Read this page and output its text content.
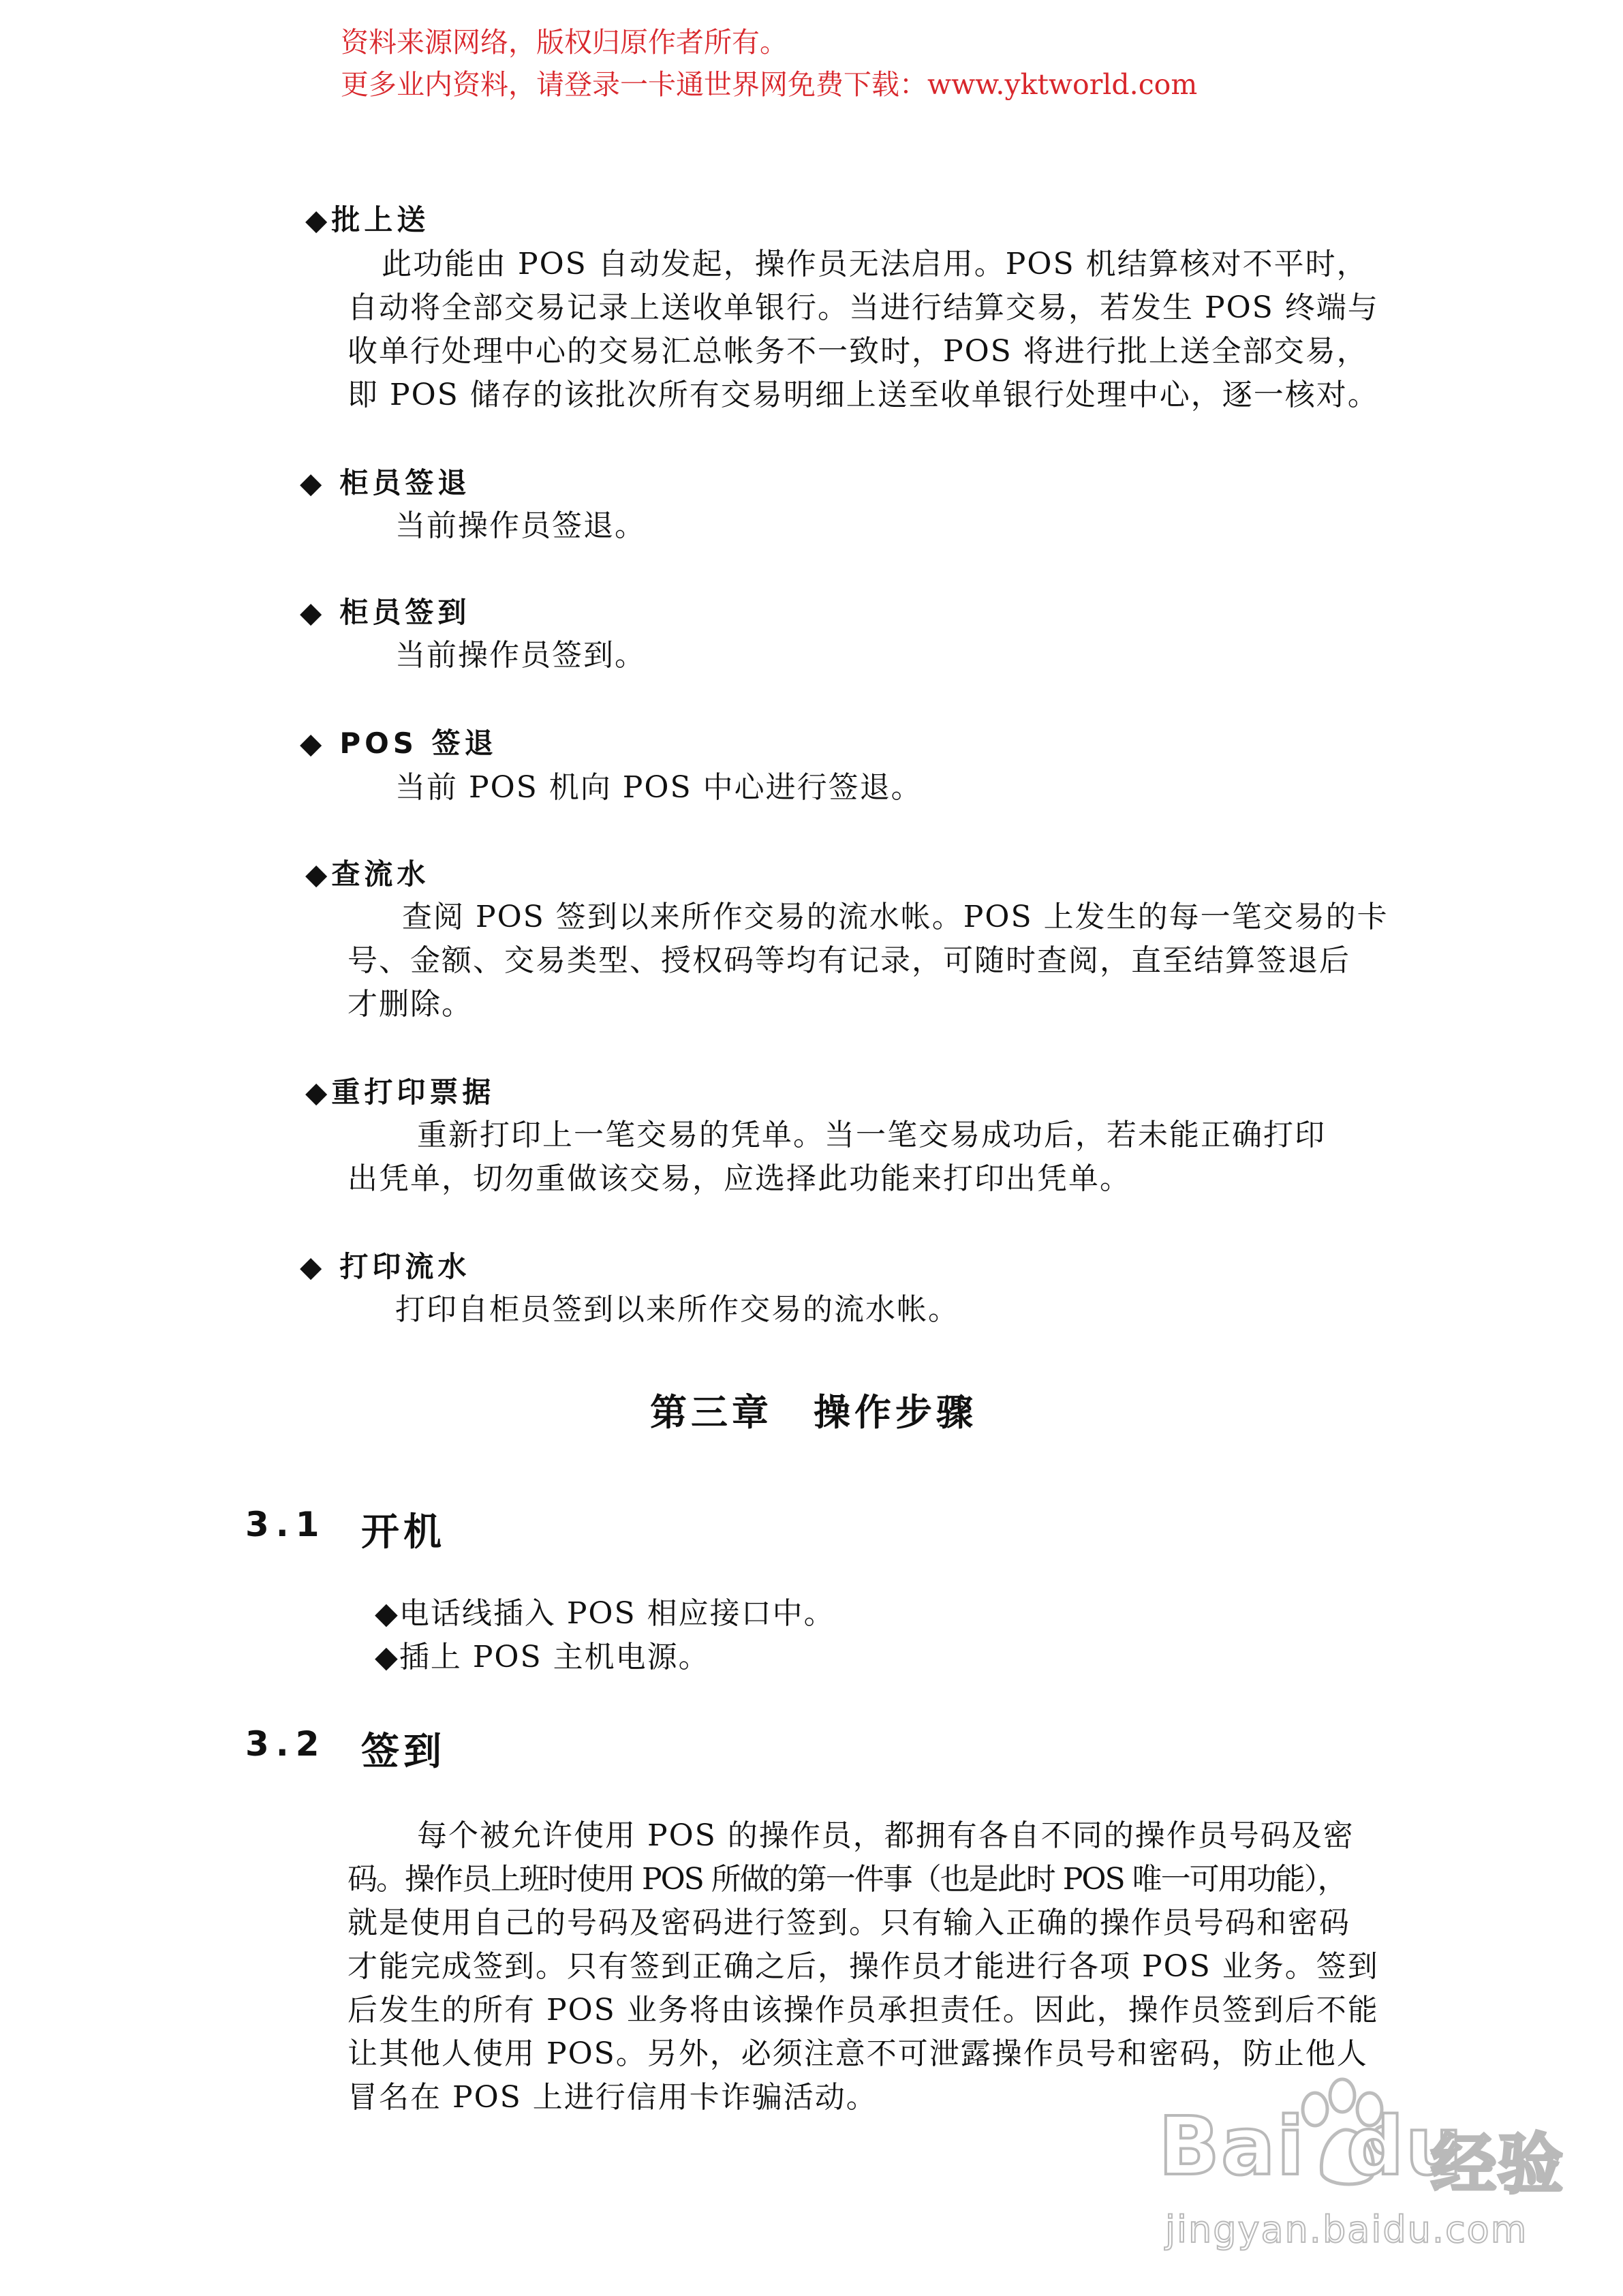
资料来源网络，版权归原作者所有。
更多业内资料，请登录一卡通世界网免费下载：www.yktworld.com
◆批上送
此功能由 POS 自动发起，操作员无法启用。POS 机结算核对不平时，
自动将全部交易记录上送收单银行。当进行结算交易，若发生 POS 终端与
收单行处理中心的交易汇总帐务不一致时，POS 将进行批上送全部交易，
即 POS 储存的该批次所有交易明细上送至收单银行处理中心，逐一核对。
◆ 柜员签退
当前操作员签退。
◆ 柜员签到
当前操作员签到。
◆ POS 签退
当前 POS 机向 POS 中心进行签退。
◆查流水
查阅 POS 签到以来所作交易的流水帐。POS 上发生的每一笔交易的卡
号、金额、交易类型、授权码等均有记录，可随时查阅，直至结算签退后
才删除。
◆重打印票据
重新打印上一笔交易的凭单。当一笔交易成功后，若未能正确打印
出凭单，切勿重做该交易，应选择此功能来打印出凭单。
◆ 打印流水
打印自柜员签到以来所作交易的流水帐。
第三章　操作步骤
3.1 开机
◆电话线插入 POS 相应接口中。
◆插上 POS 主机电源。
3.2 签到
每个被允许使用 POS 的操作员，都拥有各自不同的操作员号码及密
码。操作员上班时使用 POS 所做的第一件事（也是此时 POS 唯一可用功能），
就是使用自己的号码及密码进行签到。只有输入正确的操作员号码和密码
才能完成签到。只有签到正确之后，操作员才能进行各项 POS 业务。签到
后发生的所有 POS 业务将由该操作员承担责任。因此，操作员签到后不能
让其他人使用 POS。另外，必须注意不可泄露操作员号和密码，防止他人
冒名在 POS 上进行信用卡诈骗活动。
Bai du
经验
jingyan.baidu.com
